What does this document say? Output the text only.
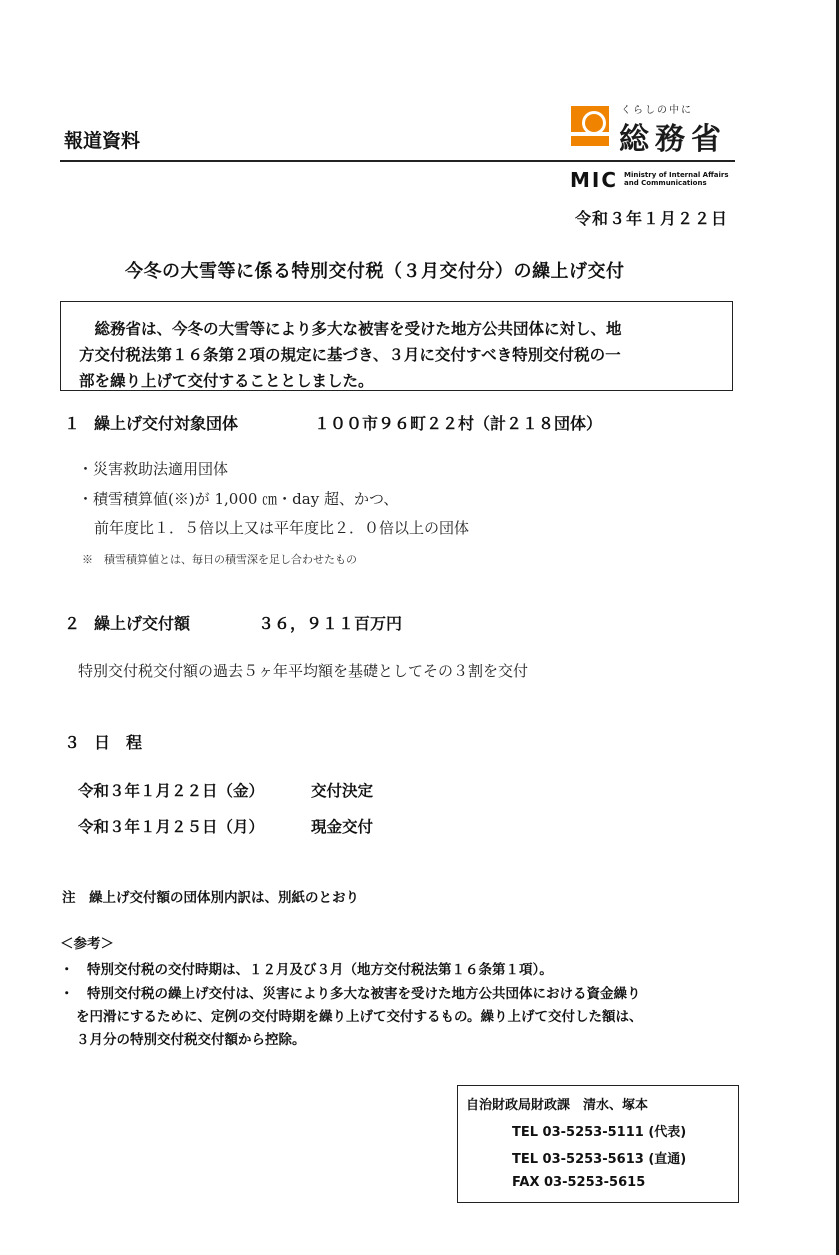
報道資料
くらしの中に
総務省
MIC Ministry of Internal Affairs
and Communications
令和３年１月２２日
今冬の大雪等に係る特別交付税（３月交付分）の繰上げ交付
　総務省は、今冬の大雪等により多大な被害を受けた地方公共団体に対し、地
方交付税法第１６条第２項の規定に基づき、３月に交付すべき特別交付税の一
部を繰り上げて交付することとしました。
１ 繰上げ交付対象団体	１００市９６町２２村（計２１８団体）
・災害救助法適用団体
・積雪積算値(※)が 1,000 ㎝・day 超、かつ、
前年度比１．５倍以上又は平年度比２．０倍以上の団体
※　積雪積算値とは、毎日の積雪深を足し合わせたもの
２ 繰上げ交付額	３６，９１１百万円
特別交付税交付額の過去５ヶ年平均額を基礎としてその３割を交付
３ 日　程
令和３年１月２２日（金）	交付決定
令和３年１月２５日（月）	現金交付
注　繰上げ交付額の団体別内訳は、別紙のとおり
＜参考＞
・　特別交付税の交付時期は、１２月及び３月（地方交付税法第１６条第１項）。
・　特別交付税の繰上げ交付は、災害により多大な被害を受けた地方公共団体における資金繰り
を円滑にするために、定例の交付時期を繰り上げて交付するもの。繰り上げて交付した額は、
３月分の特別交付税交付額から控除。
自治財政局財政課　清水、塚本
TEL 03-5253-5111 (代表)
TEL 03-5253-5613 (直通)
FAX 03-5253-5615
